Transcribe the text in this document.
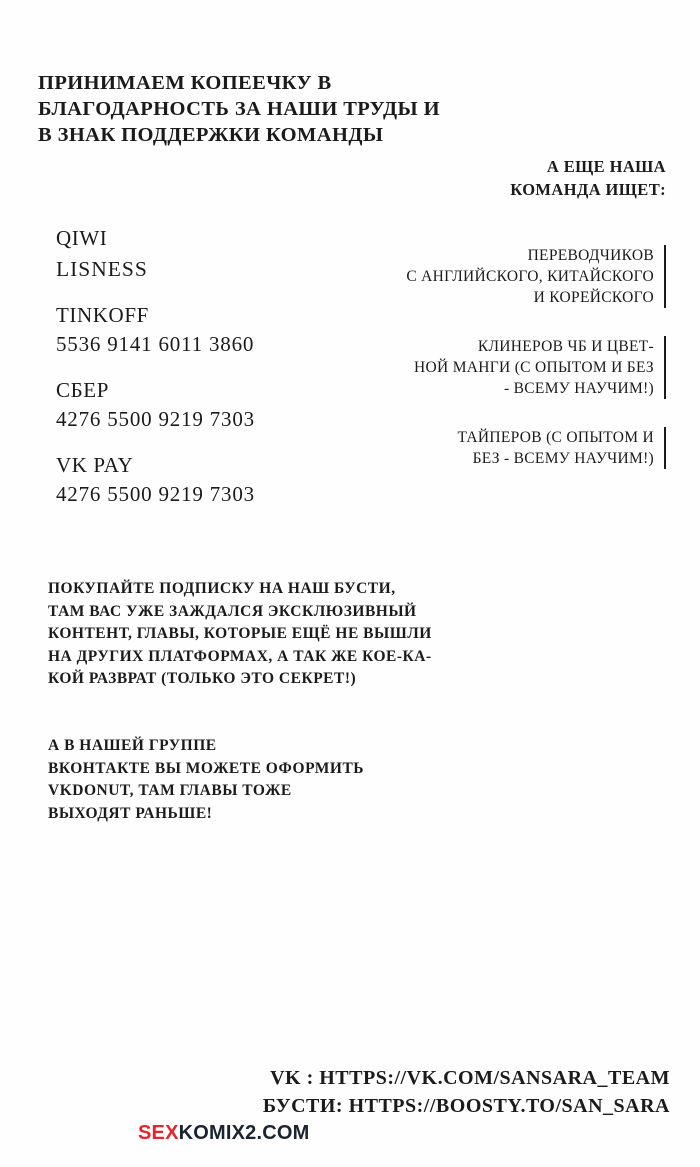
ПРИНИМАЕМ КОПЕЕЧКУ В
БЛАГОДАРНОСТЬ ЗА НАШИ ТРУДЫ И
В ЗНАК ПОДДЕРЖКИ КОМАНДЫ
QIWI
LISNESS
TINKOFF
5536 9141 6011 3860
СБЕР
4276 5500 9219 7303
VK PAY
4276 5500 9219 7303
А ЕЩЕ НАША
КОМАНДА ИЩЕТ:
ПЕРЕВОДЧИКОВ
С АНГЛИЙСКОГО, КИТАЙСКОГО
И КОРЕЙСКОГО
КЛИНЕРОВ ЧБ И ЦВЕТ-
НОЙ МАНГИ (С ОПЫТОМ И БЕЗ
- ВСЕМУ НАУЧИМ!)
ТАЙПЕРОВ (С ОПЫТОМ И
БЕЗ - ВСЕМУ НАУЧИМ!)
ПОКУПАЙТЕ ПОДПИСКУ НА НАШ БУСТИ,
ТАМ ВАС УЖЕ ЗАЖДАЛСЯ ЭКСКЛЮЗИВНЫЙ
КОНТЕНТ, ГЛАВЫ, КОТОРЫЕ ЕЩЁ НЕ ВЫШЛИ
НА ДРУГИХ ПЛАТФОРМАХ, А ТАК ЖЕ КОЕ-КА-
КОЙ РАЗВРАТ (ТОЛЬКО ЭТО СЕКРЕТ!)
А В НАШЕЙ ГРУППЕ
ВКОНТАКТЕ ВЫ МОЖЕТЕ ОФОРМИТЬ
VKDONUT, ТАМ ГЛАВЫ ТОЖЕ
ВЫХОДЯТ РАНЬШЕ!
VK : HTTPS://VK.COM/SANSARA_TEAM
БУСТИ: HTTPS://BOOSTY.TO/SAN_SARA
SEXKOMIX2.COM
